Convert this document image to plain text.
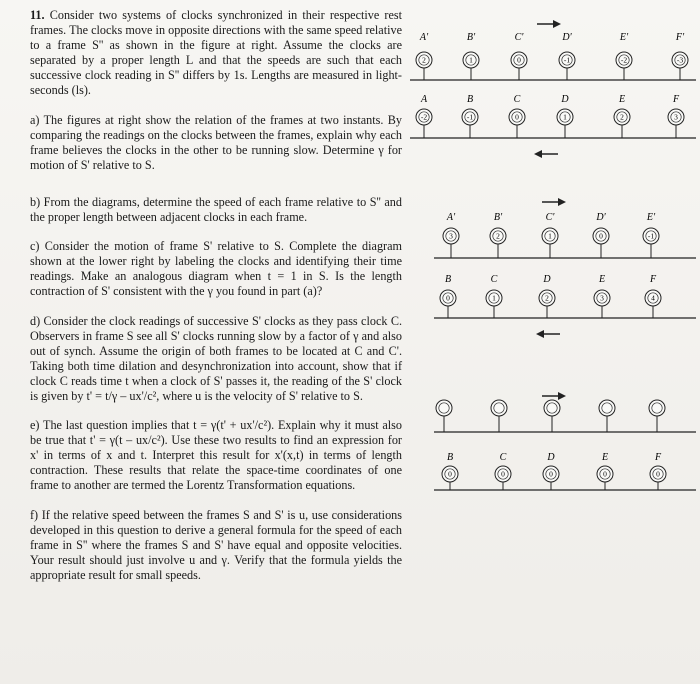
11. Consider two systems of clocks synchronized in their respective rest frames. The clocks move in opposite directions with the same speed relative to a frame S'' as shown in the figure at right. Assume the clocks are separated by a proper length L and that the speeds are such that each successive clock reading in S'' differs by 1s. Lengths are measured in light-seconds (ls).

a) The figures at right show the relation of the frames at two instants. By comparing the readings on the clocks between the frames, explain why each frame believes the clocks in the other to be running slow. Determine γ for motion of S' relative to S.

b) From the diagrams, determine the speed of each frame relative to S'' and the proper length between adjacent clocks in each frame.

c) Consider the motion of frame S' relative to S. Complete the diagram shown at the lower right by labeling the clocks and identifying their time readings. Make an analogous diagram when t = 1 in S. Is the length contraction of S' consistent with the γ you found in part (a)?

d) Consider the clock readings of successive S' clocks as they pass clock C. Observers in frame S see all S' clocks running slow by a factor of γ and also out of synch. Assume the origin of both frames to be located at C and C'. Taking both time dilation and desynchronization into account, show that if clock C reads time t when a clock of S' passes it, the reading of the S' clock is given by t' = t/γ – ux'/c², where u is the velocity of S' relative to S.

e) The last question implies that t = γ(t' + ux'/c²). Explain why it must also be true that t' = γ(t – ux/c²). Use these two results to find an expression for x' in terms of x and t. Interpret this result for x'(x,t) in terms of length contraction. These results that relate the space-time coordinates of one frame to another are termed the Lorentz Transformation equations.

f) If the relative speed between the frames S and S' is u, use considerations developed in this question to derive a general formula for the speed of each frame in S'' where the frames S and S' have equal and opposite velocities. Your result should just involve u and γ. Verify that the formula yields the appropriate result for small speeds.

A'
2
B'
1
C'
0
D'
-1
E'
-2
F'
-3
A
-2
B
-1
C
0
D
1
E
2
F
3
A'
3
B'
2
C'
1
D'
0
E'
-1
B
0
C
1
D
2
E
3
F
4
B
0
C
0
D
0
E
0
F
0
